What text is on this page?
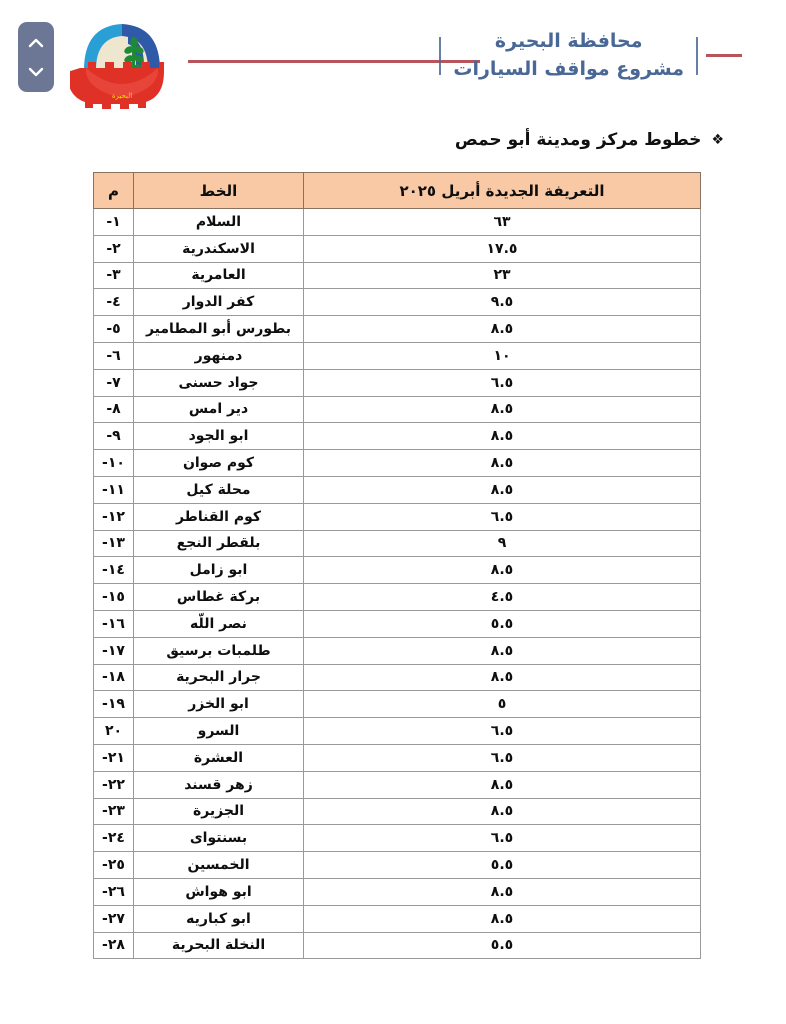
البحيرة
محافظة البحيرة
مشروع مواقف السيارات
❖
خطوط مركز ومدينة أبو حمص
التعريفة الجديدة أبريل ٢٠٢٥	الخط	م
٦٣	السلام	١-
١٧.٥	الاسكندرية	٢-
٢٣	العامرية	٣-
٩.٥	كفر الدوار	٤-
٨.٥	بطورس أبو المطامير	٥-
١٠	دمنهور	٦-
٦.٥	جواد حسنى	٧-
٨.٥	دير امس	٨-
٨.٥	ابو الجود	٩-
٨.٥	كوم صوان	١٠-
٨.٥	محلة كيل	١١-
٦.٥	كوم القناطر	١٢-
٩	بلقطر النجع	١٣-
٨.٥	ابو زامل	١٤-
٤.٥	بركة غطاس	١٥-
٥.٥	نصر اللّه	١٦-
٨.٥	طلمبات برسيق	١٧-
٨.٥	جرار البحرية	١٨-
٥	ابو الخزر	١٩-
٦.٥	السرو	٢٠
٦.٥	العشرة	٢١-
٨.٥	زهر قسند	٢٢-
٨.٥	الجزيرة	٢٣-
٦.٥	بسنتواى	٢٤-
٥.٥	الخمسين	٢٥-
٨.٥	ابو هواش	٢٦-
٨.٥	ابو كباريه	٢٧-
٥.٥	النخلة البحرية	٢٨-
